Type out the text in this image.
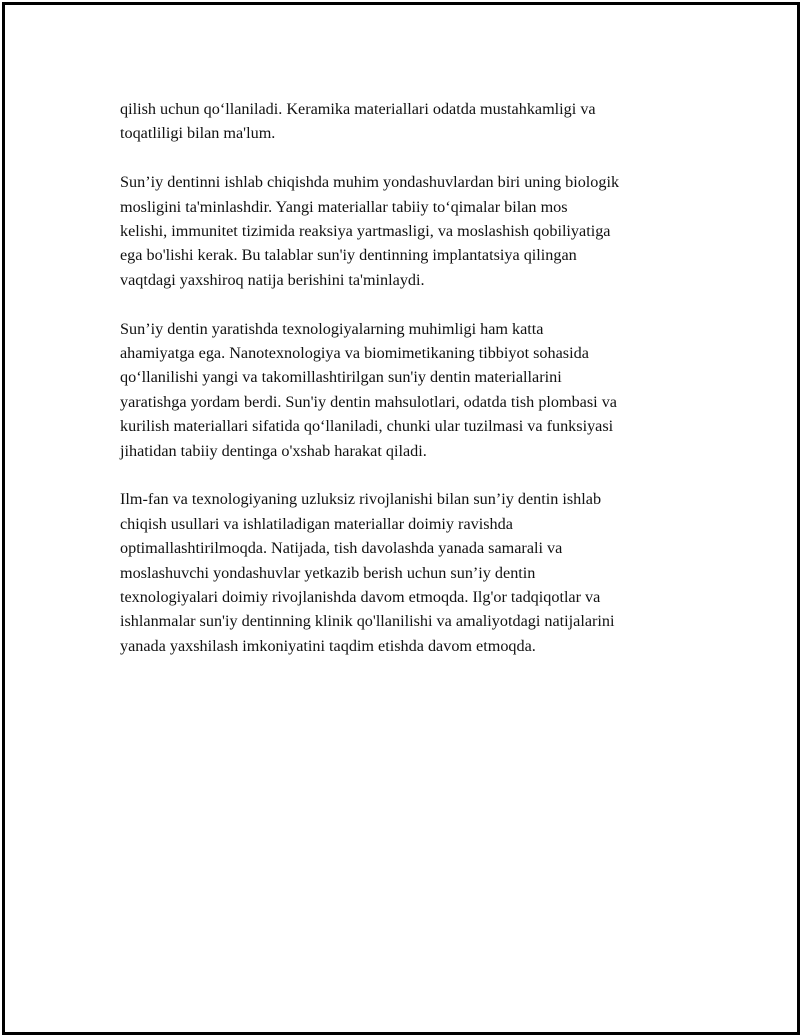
qilish uchun qo‘llaniladi. Keramika materiallari odatda mustahkamligi va
toqatliligi bilan ma'lum.

Sun’iy dentinni ishlab chiqishda muhim yondashuvlardan biri uning biologik
mosligini ta'minlashdir. Yangi materiallar tabiiy to‘qimalar bilan mos
kelishi, immunitet tizimida reaksiya yartmasligi, va moslashish qobiliyatiga
ega bo'lishi kerak. Bu talablar sun'iy dentinning implantatsiya qilingan
vaqtdagi yaxshiroq natija berishini ta'minlaydi.

Sun’iy dentin yaratishda texnologiyalarning muhimligi ham katta
ahamiyatga ega. Nanotexnologiya va biomimetikaning tibbiyot sohasida
qo‘llanilishi yangi va takomillashtirilgan sun'iy dentin materiallarini
yaratishga yordam berdi. Sun'iy dentin mahsulotlari, odatda tish plombasi va
kurilish materiallari sifatida qo‘llaniladi, chunki ular tuzilmasi va funksiyasi
jihatidan tabiiy dentinga o'xshab harakat qiladi.

Ilm-fan va texnologiyaning uzluksiz rivojlanishi bilan sun’iy dentin ishlab
chiqish usullari va ishlatiladigan materiallar doimiy ravishda
optimallashtirilmoqda. Natijada, tish davolashda yanada samarali va
moslashuvchi yondashuvlar yetkazib berish uchun sun’iy dentin
texnologiyalari doimiy rivojlanishda davom etmoqda. Ilg'or tadqiqotlar va
ishlanmalar sun'iy dentinning klinik qo'llanilishi va amaliyotdagi natijalarini
yanada yaxshilash imkoniyatini taqdim etishda davom etmoqda.
